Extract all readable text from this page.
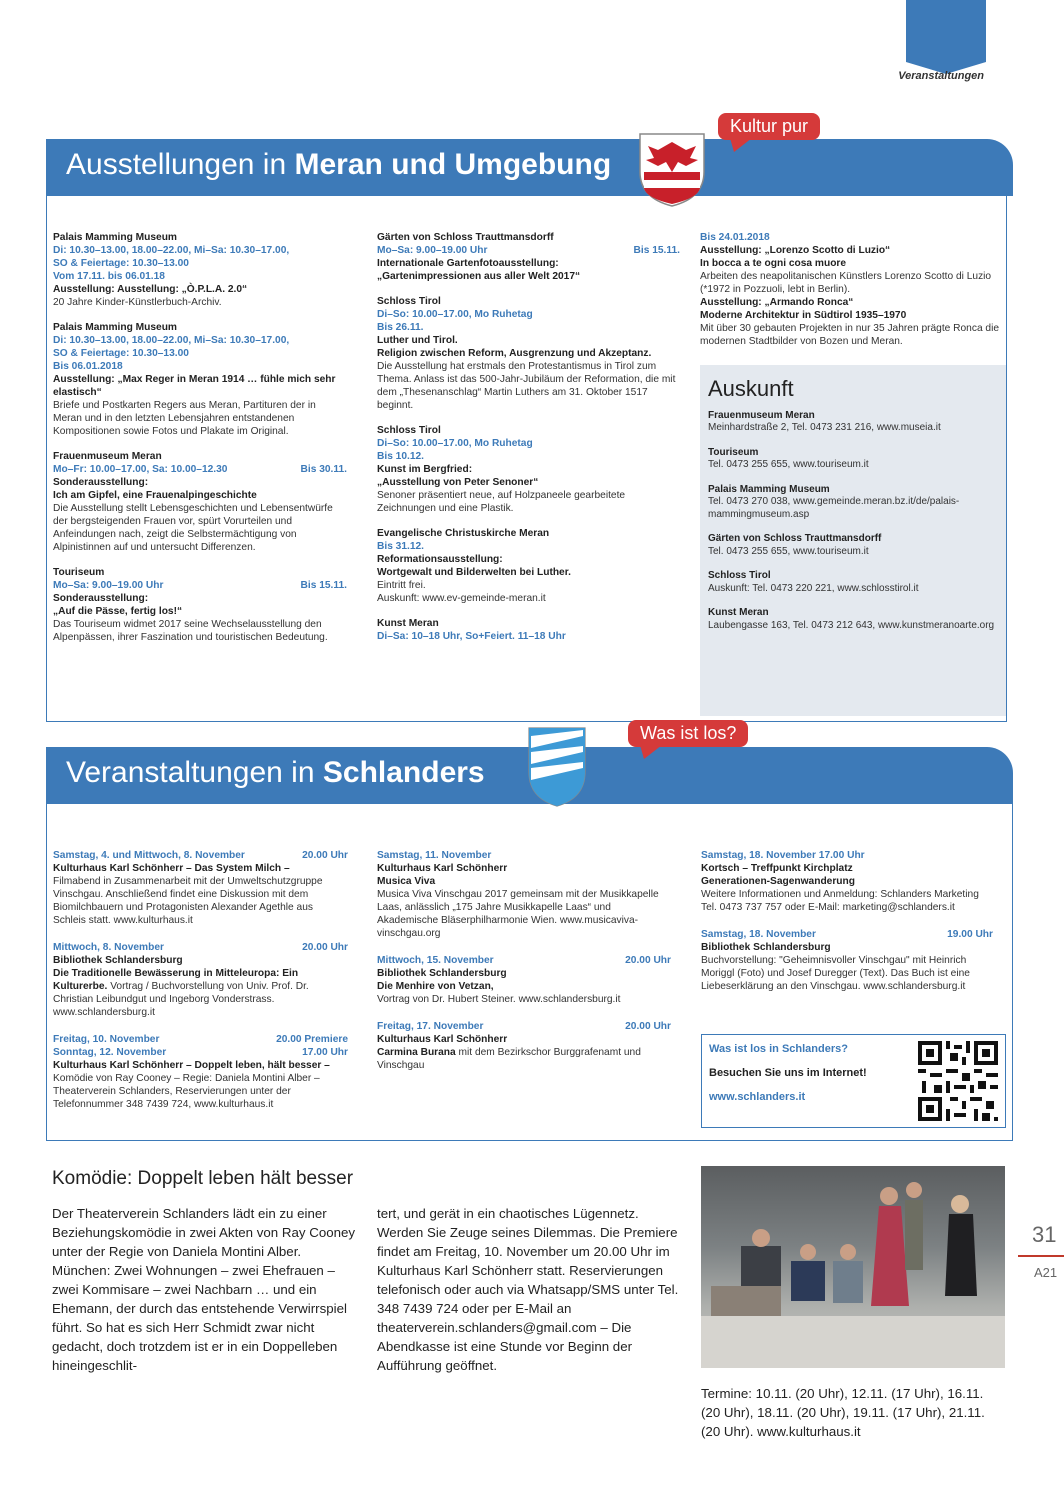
Veranstaltungen
Ausstellungen in Meran und Umgebung
Kultur pur
Palais Mamming Museum
Di: 10.30–13.00, 18.00–22.00, Mi–Sa: 10.30–17.00,
SO & Feiertage: 10.30–13.00
Vom 17.11. bis 06.01.18
Ausstellung: Ausstellung: „Ò.P.L.A. 2.0“
20 Jahre Kinder-Künstlerbuch-Archiv.
Palais Mamming Museum
Di: 10.30–13.00, 18.00–22.00, Mi–Sa: 10.30–17.00,
SO & Feiertage: 10.30–13.00
Bis 06.01.2018
Ausstellung: „Max Reger in Meran 1914 … fühle mich sehr elastisch“
Briefe und Postkarten Regers aus Meran, Partituren der in Meran und in den letzten Lebensjahren entstandenen Kompositionen sowie Fotos und Plakate im Original.
Frauenmuseum Meran
Mo–Fr: 10.00–17.00, Sa: 10.00–12.30	Bis 30.11.
Sonderausstellung:
Ich am Gipfel, eine Frauenalpingeschichte
Die Ausstellung stellt Lebensgeschichten und Lebensentwürfe der bergsteigenden Frauen vor, spürt Vorurteilen und Anfeindungen nach, zeigt die Selbstermächtigung von Alpinistinnen auf und untersucht Differenzen.
Touriseum
Mo–Sa: 9.00–19.00 Uhr	Bis 15.11.
Sonderausstellung:
„Auf die Pässe, fertig los!“
Das Touriseum widmet 2017 seine Wechselausstellung den Alpenpässen, ihrer Faszination und touristischen Bedeutung.
Gärten von Schloss Trauttmansdorff
Mo–Sa: 9.00–19.00 Uhr	Bis 15.11.
Internationale Gartenfotoausstellung:
„Gartenimpressionen aus aller Welt 2017“
Schloss Tirol
Di–So: 10.00–17.00, Mo Ruhetag
Bis 26.11.
Luther und Tirol.
Religion zwischen Reform, Ausgrenzung und Akzeptanz.
Die Ausstellung hat erstmals den Protestantismus in Tirol zum Thema. Anlass ist das 500-Jahr-Jubiläum der Reformation, die mit dem „Thesenanschlag“ Martin Luthers am 31. Oktober 1517 beginnt.
Schloss Tirol
Di–So: 10.00–17.00, Mo Ruhetag
Bis 10.12.
Kunst im Bergfried:
„Ausstellung von Peter Senoner“
Senoner präsentiert neue, auf Holzpaneele gearbeitete Zeichnungen und eine Plastik.
Evangelische Christuskirche Meran
Bis 31.12.
Reformationsausstellung:
Wortgewalt und Bilderwelten bei Luther.
Eintritt frei.
Auskunft: www.ev-gemeinde-meran.it
Kunst Meran
Di–Sa: 10–18 Uhr, So+Feiert. 11–18 Uhr
Bis 24.01.2018
Ausstellung: „Lorenzo Scotto di Luzio“
In bocca a te ogni cosa muore
Arbeiten des neapolitanischen Künstlers Lorenzo Scotto di Luzio (*1972 in Pozzuoli, lebt in Berlin).
Ausstellung: „Armando Ronca“
Moderne Architektur in Südtirol 1935–1970
Mit über 30 gebauten Projekten in nur 35 Jahren prägte Ronca die modernen Stadtbilder von Bozen und Meran.
Auskunft
Frauenmuseum Meran
Meinhardstraße 2, Tel. 0473 231 216, www.museia.it
Touriseum
Tel. 0473 255 655, www.touriseum.it
Palais Mamming Museum
Tel. 0473 270 038, www.gemeinde.meran.bz.it/de/palais-mammingmuseum.asp
Gärten von Schloss Trauttmansdorff
Tel. 0473 255 655, www.touriseum.it
Schloss Tirol
Auskunft: Tel. 0473 220 221, www.schlosstirol.it
Kunst Meran
Laubengasse 163, Tel. 0473 212 643, www.kunstmeranoarte.org
Veranstaltungen in Schlanders
Was ist los?
Samstag, 4. und Mittwoch, 8. November	20.00 Uhr
Kulturhaus Karl Schönherr – Das System Milch –
Filmabend in Zusammenarbeit mit der Umweltschutzgruppe Vinschgau. Anschließend findet eine Diskussion mit dem Biomilchbauern und Protagonisten Alexander Agethle aus Schleis statt. www.kulturhaus.it
Mittwoch, 8. November	20.00 Uhr
Bibliothek Schlandersburg
Die Traditionelle Bewässerung in Mitteleuropa: Ein Kulturerbe. Vortrag / Buchvorstellung von Univ. Prof. Dr. Christian Leibundgut und Ingeborg Vonderstrass. www.schlandersburg.it
Freitag, 10. November	20.00 Premiere
Sonntag, 12. November	17.00 Uhr
Kulturhaus Karl Schönherr – Doppelt leben, hält besser –
Komödie von Ray Cooney – Regie: Daniela Montini Alber – Theaterverein Schlanders, Reservierungen unter der Telefonnummer 348 7439 724, www.kulturhaus.it
Samstag, 11. November
Kulturhaus Karl Schönherr
Musica Viva
Musica Viva Vinschgau 2017 gemeinsam mit der Musikkapelle Laas, anlässlich „175 Jahre Musikkapelle Laas“ und Akademische Bläserphilharmonie Wien. www.musicaviva-vinschgau.org
Mittwoch, 15. November	20.00 Uhr
Bibliothek Schlandersburg
Die Menhire von Vetzan,
Vortrag von Dr. Hubert Steiner. www.schlandersburg.it
Freitag, 17. November	20.00 Uhr
Kulturhaus Karl Schönherr
Carmina Burana mit dem Bezirkschor Burggrafenamt und Vinschgau
Samstag, 18. November 17.00 Uhr
Kortsch – Treffpunkt Kirchplatz
Generationen-Sagenwanderung
Weitere Informationen und Anmeldung: Schlanders Marketing Tel. 0473 737 757 oder E-Mail: marketing@schlanders.it
Samstag, 18. November	19.00 Uhr
Bibliothek Schlandersburg
Buchvorstellung: "Geheimnisvoller Vinschgau" mit Heinrich Moriggl (Foto) und Josef Duregger (Text). Das Buch ist eine Liebeserklärung an den Vinschgau. www.schlandersburg.it
Was ist los in Schlanders?
Besuchen Sie uns im Internet!
www.schlanders.it
Komödie: Doppelt leben hält besser
Der Theaterverein Schlanders lädt ein zu einer Beziehungskomödie in zwei Akten von Ray Cooney unter der Regie von Daniela Montini Alber.
München: Zwei Wohnungen – zwei Ehefrauen – zwei Kommisare – zwei Nachbarn … und ein Ehemann, der durch das entstehende Verwirrspiel führt. So hat es sich Herr Schmidt zwar nicht gedacht, doch trotzdem ist er in ein Doppelleben hineingeschlit-
tert, und gerät in ein chaotisches Lügennetz. Werden Sie Zeuge seines Dilemmas. Die Premiere findet am Freitag, 10. November um 20.00 Uhr im Kulturhaus Karl Schönherr statt. Reservierungen telefonisch oder auch via Whatsapp/SMS unter Tel. 348 7439 724 oder per E-Mail an theaterverein.schlanders@gmail.com – Die Abendkasse ist eine Stunde vor Beginn der Aufführung geöffnet.
Termine: 10.11. (20 Uhr), 12.11. (17 Uhr), 16.11. (20 Uhr), 18.11. (20 Uhr), 19.11. (17 Uhr), 21.11. (20 Uhr). www.kulturhaus.it
31
A21
